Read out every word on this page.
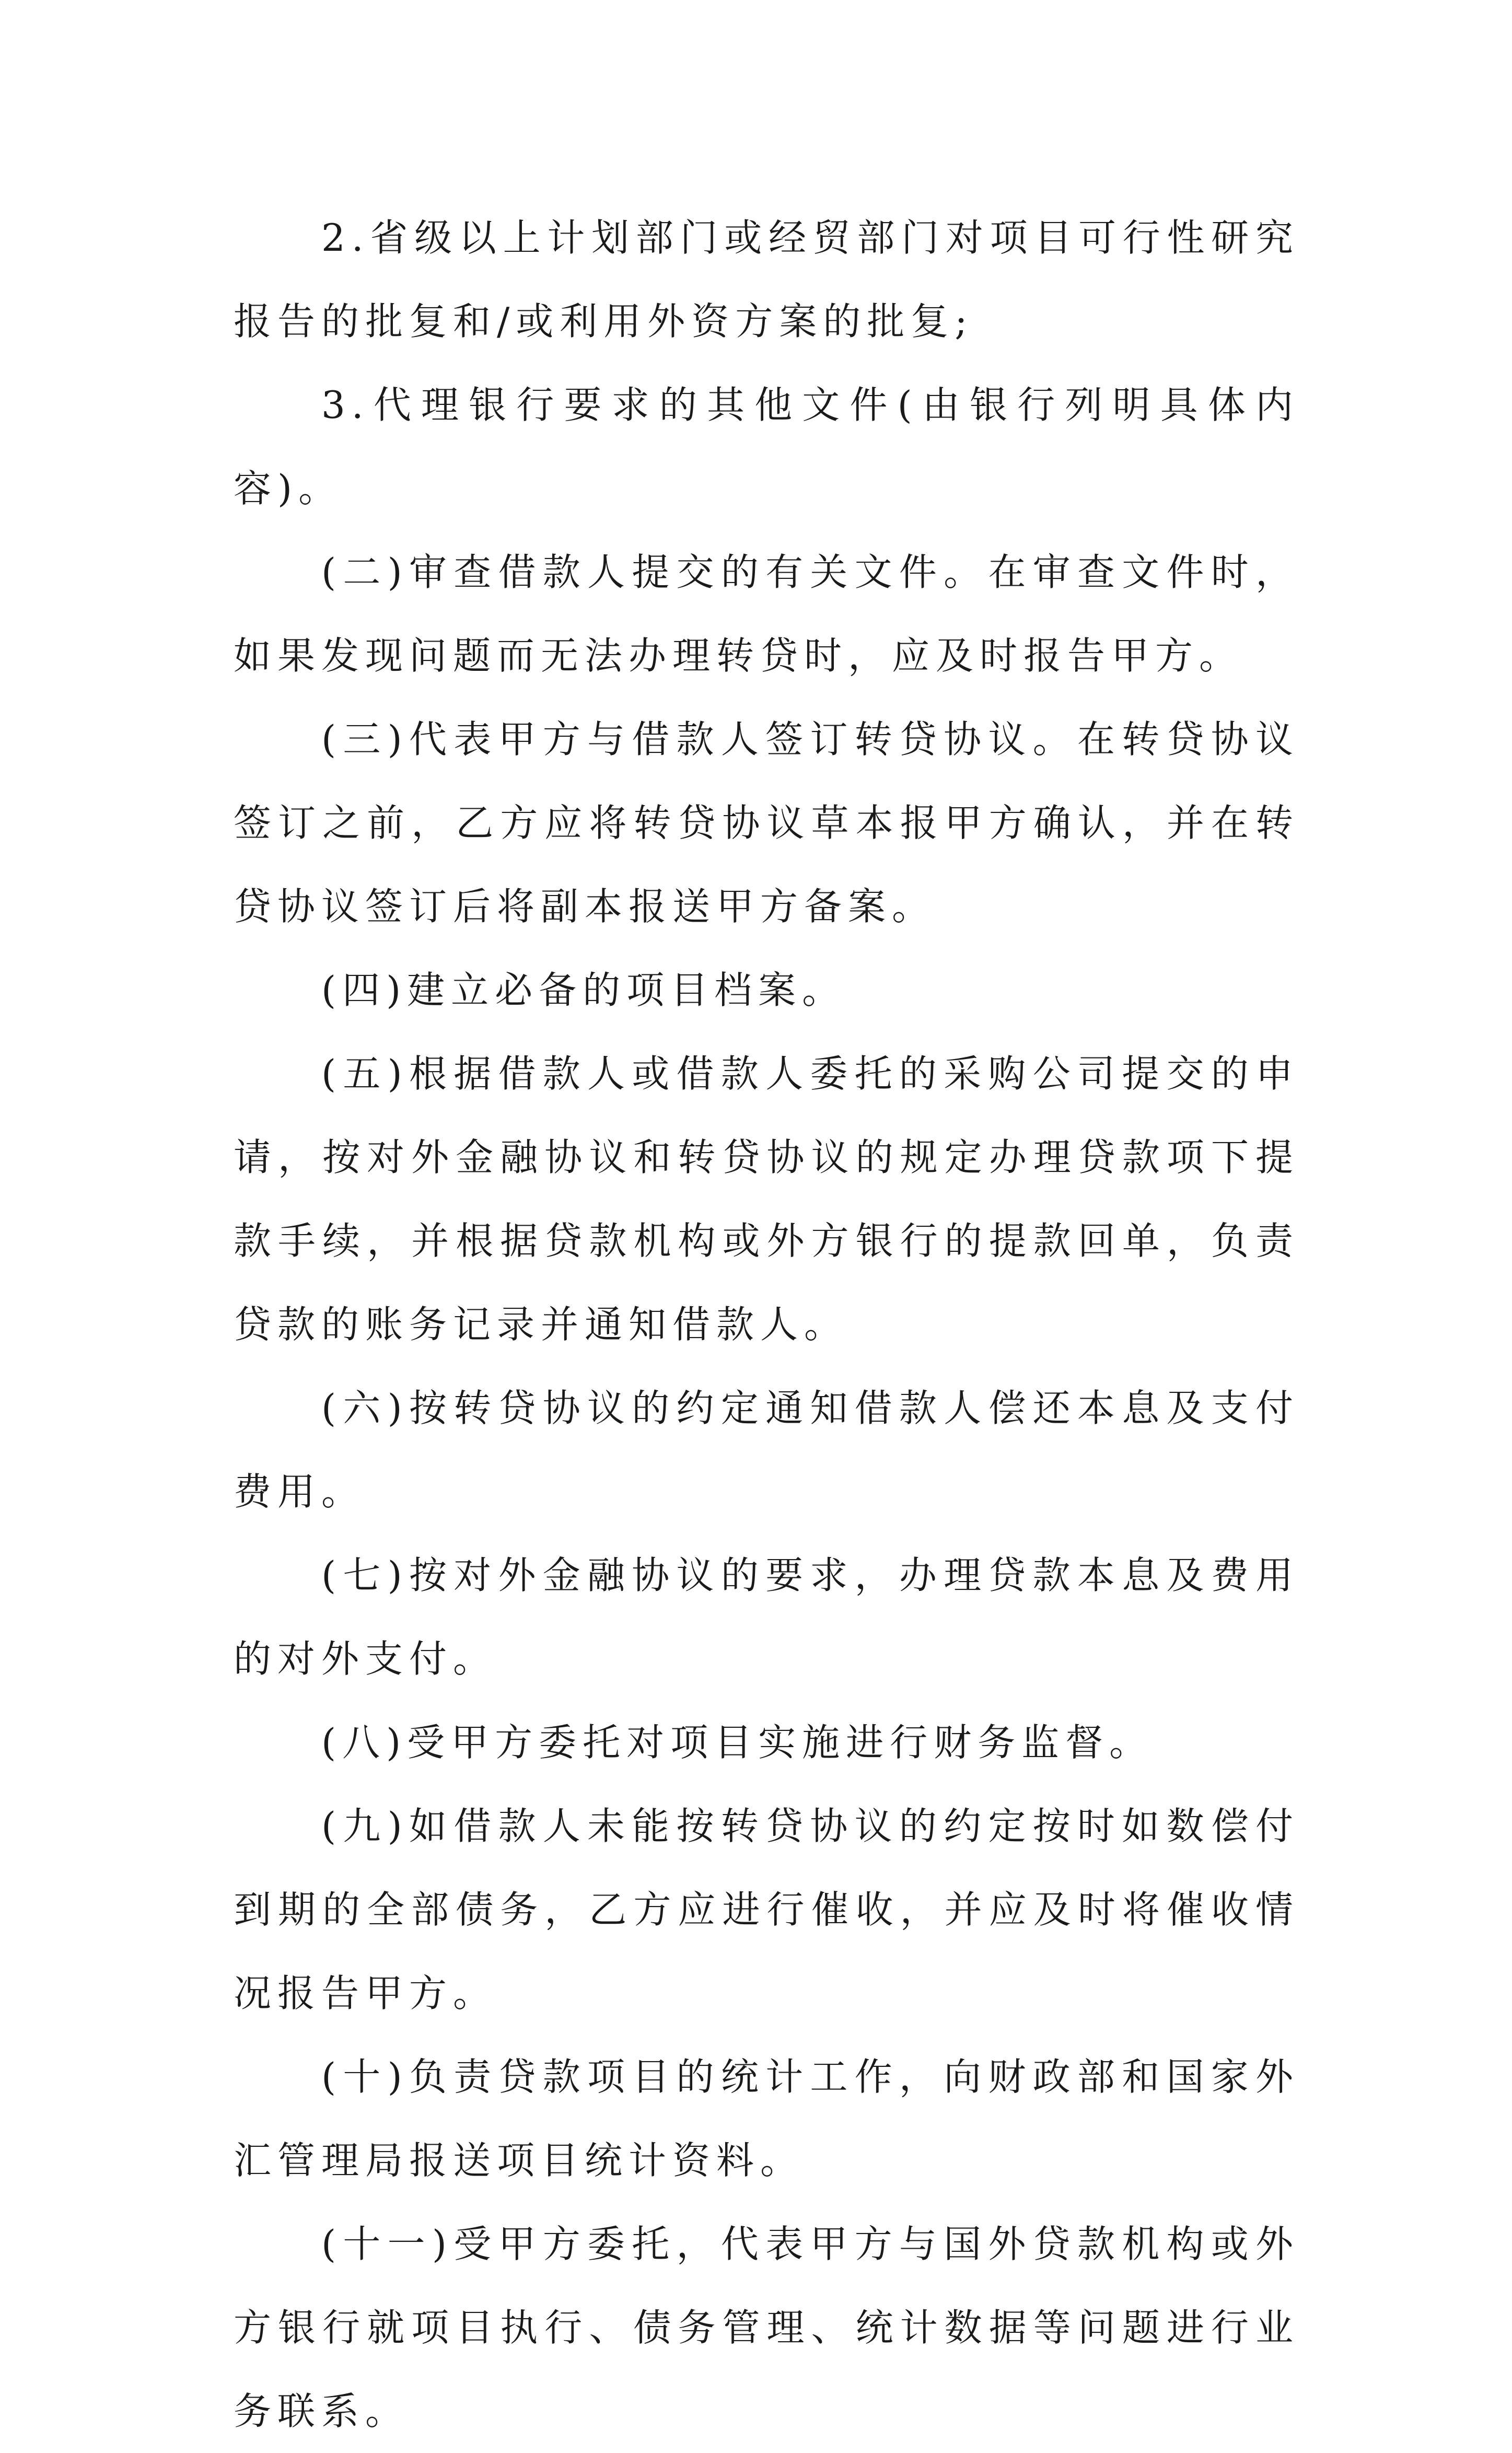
2.省级以上计划部门或经贸部门对项目可行性研究报告的批复和/或利用外资方案的批复;

3.代理银行要求的其他文件(由银行列明具体内容)。

(二)审查借款人提交的有关文件。在审查文件时，如果发现问题而无法办理转贷时，应及时报告甲方。

(三)代表甲方与借款人签订转贷协议。在转贷协议签订之前，乙方应将转贷协议草本报甲方确认，并在转贷协议签订后将副本报送甲方备案。

(四)建立必备的项目档案。

(五)根据借款人或借款人委托的采购公司提交的申请，按对外金融协议和转贷协议的规定办理贷款项下提款手续，并根据贷款机构或外方银行的提款回单，负责贷款的账务记录并通知借款人。

(六)按转贷协议的约定通知借款人偿还本息及支付费用。

(七)按对外金融协议的要求，办理贷款本息及费用的对外支付。

(八)受甲方委托对项目实施进行财务监督。

(九)如借款人未能按转贷协议的约定按时如数偿付到期的全部债务，乙方应进行催收，并应及时将催收情况报告甲方。

(十)负责贷款项目的统计工作，向财政部和国家外汇管理局报送项目统计资料。

(十一)受甲方委托，代表甲方与国外贷款机构或外方银行就项目执行、债务管理、统计数据等问题进行业务联系。
